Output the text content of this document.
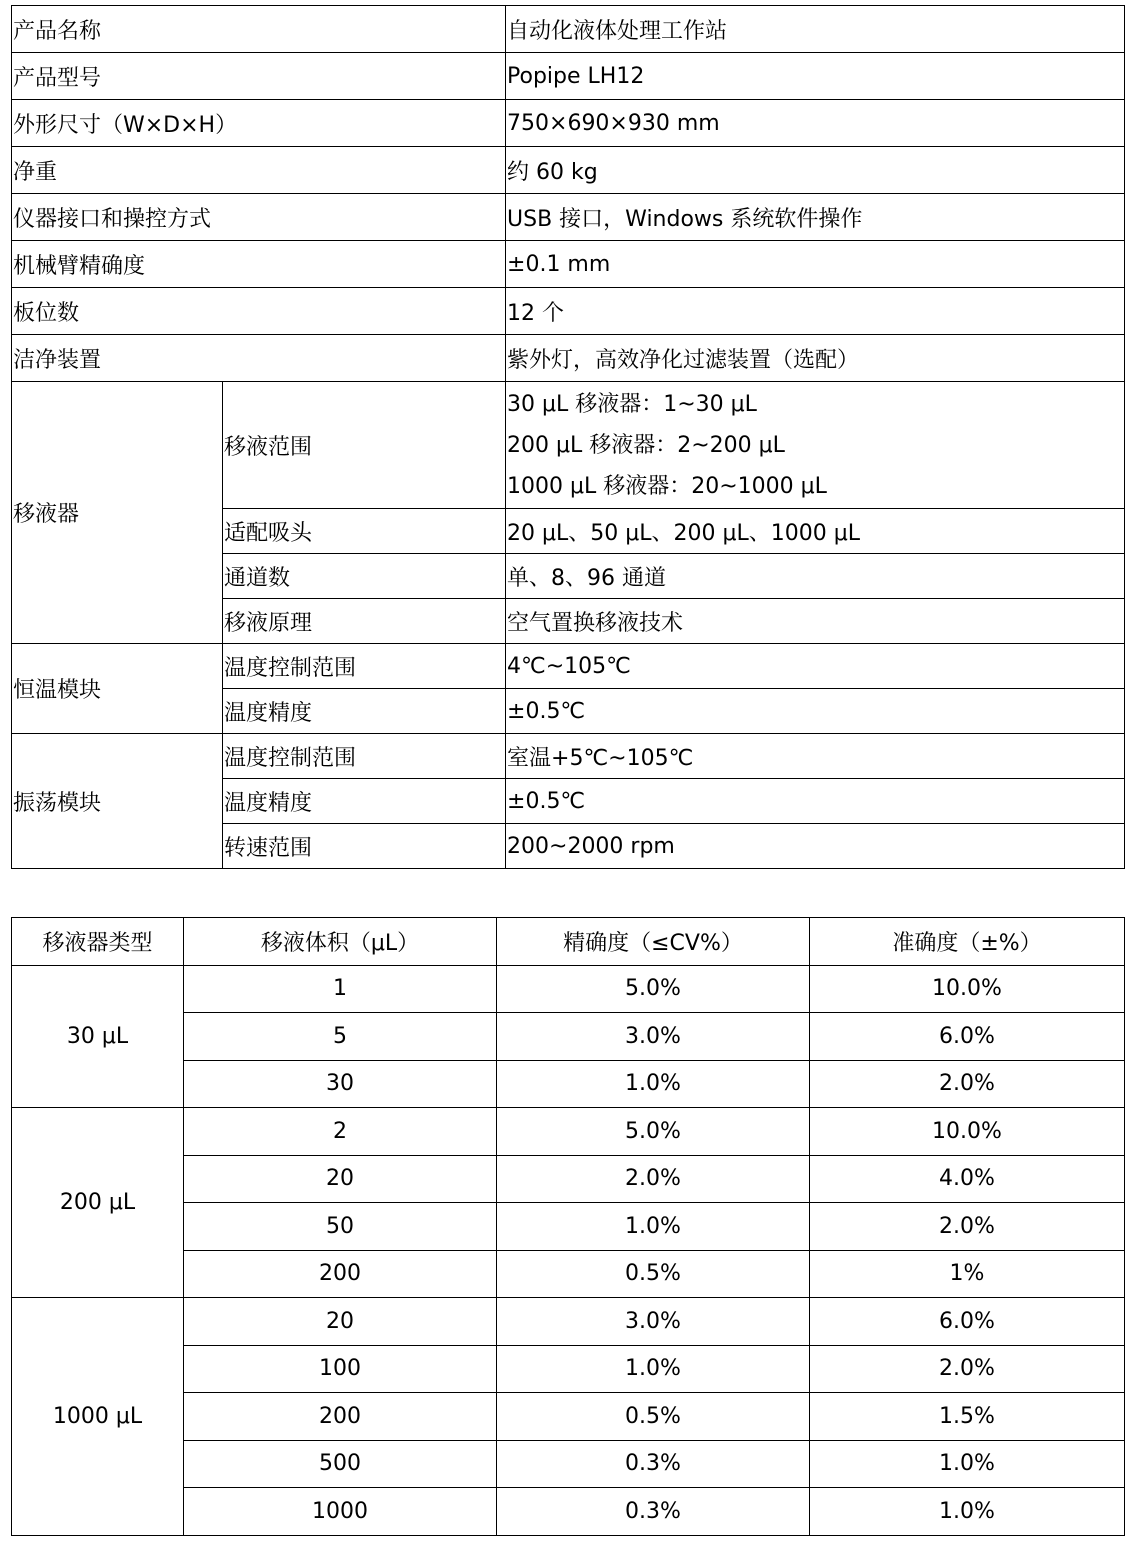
产品名称		自动化液体处理工作站
产品型号		Popipe LH12
外形尺寸（W×D×H）		750×690×930 mm
净重		约 60 kg
仪器接口和操控方式		USB 接口，Windows 系统软件操作
机械臂精确度		±0.1 mm
板位数		12 个
洁净装置		紫外灯，高效净化过滤装置（选配）
移液器	移液范围	30 μL 移液器：1~30 μL
200 μL 移液器：2~200 μL
1000 μL 移液器：20~1000 μL

	适配吸头	20 μL、50 μL、200 μL、1000 μL
	通道数	单、8、96 通道
	移液原理	空气置换移液技术
恒温模块	温度控制范围	4℃~105℃
	温度精度	±0.5℃
振荡模块	温度控制范围	室温+5℃~105℃
	温度精度	±0.5℃
	转速范围	200~2000 rpm
移液器类型	移液体积（μL）	精确度（≤CV%）	准确度（±%）
30 μL	1	5.0%	10.0%
	5	3.0%	6.0%
	30	1.0%	2.0%
200 μL	2	5.0%	10.0%
	20	2.0%	4.0%
	50	1.0%	2.0%
	200	0.5%	1%
1000 μL	20	3.0%	6.0%
	100	1.0%	2.0%
	200	0.5%	1.5%
	500	0.3%	1.0%
	1000	0.3%	1.0%
